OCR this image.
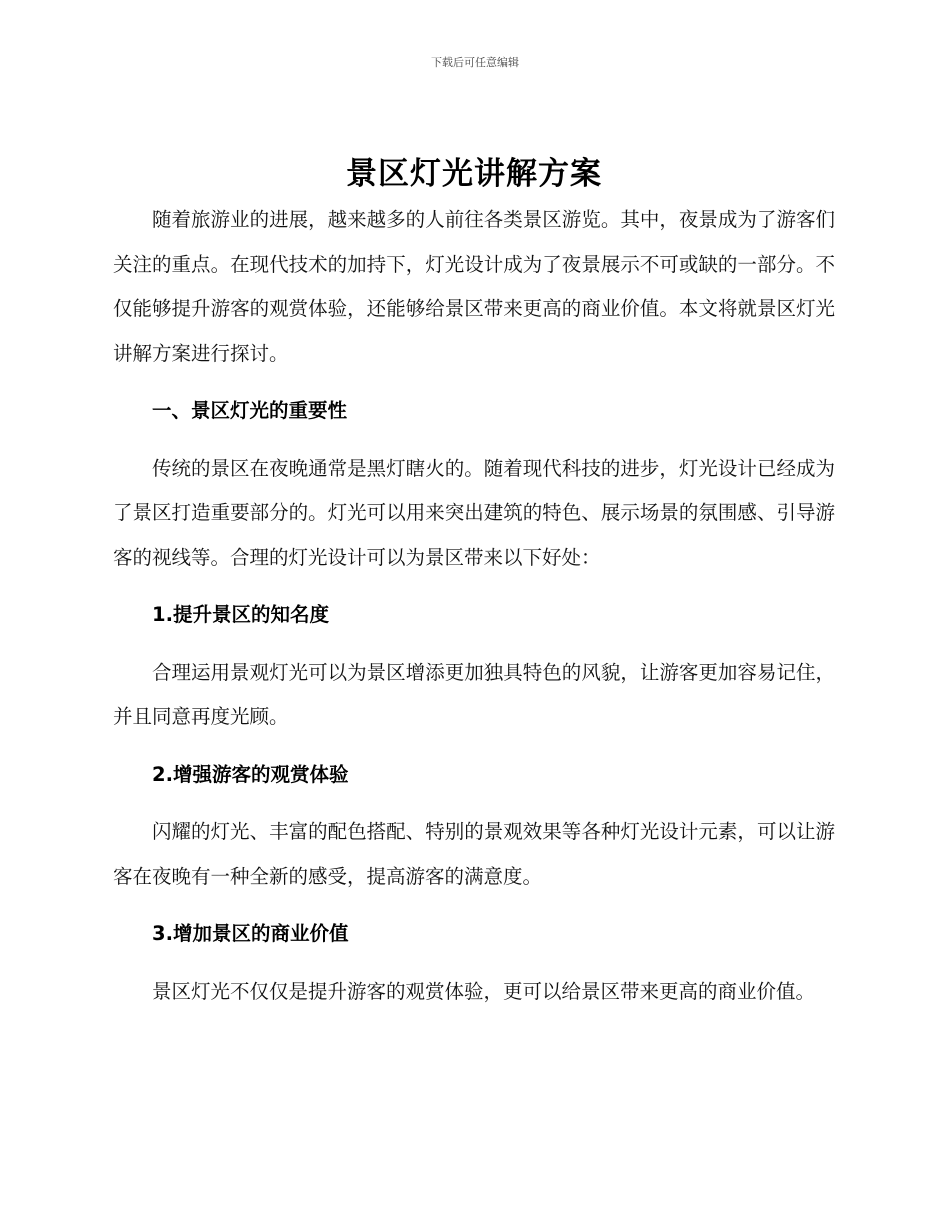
下载后可任意编辑
景区灯光讲解方案

随着旅游业的进展，越来越多的人前往各类景区游览。其中，夜景成为了游客们关注的重点。在现代技术的加持下，灯光设计成为了夜景展示不可或缺的一部分。不仅能够提升游客的观赏体验，还能够给景区带来更高的商业价值。本文将就景区灯光讲解方案进行探讨。

一、景区灯光的重要性

传统的景区在夜晚通常是黑灯瞎火的。随着现代科技的进步，灯光设计已经成为了景区打造重要部分的。灯光可以用来突出建筑的特色、展示场景的氛围感、引导游客的视线等。合理的灯光设计可以为景区带来以下好处：

1.提升景区的知名度

合理运用景观灯光可以为景区增添更加独具特色的风貌，让游客更加容易记住，并且同意再度光顾。

2.增强游客的观赏体验

闪耀的灯光、丰富的配色搭配、特别的景观效果等各种灯光设计元素，可以让游客在夜晚有一种全新的感受，提高游客的满意度。

3.增加景区的商业价值

景区灯光不仅仅是提升游客的观赏体验，更可以给景区带来更高的商业价值。
